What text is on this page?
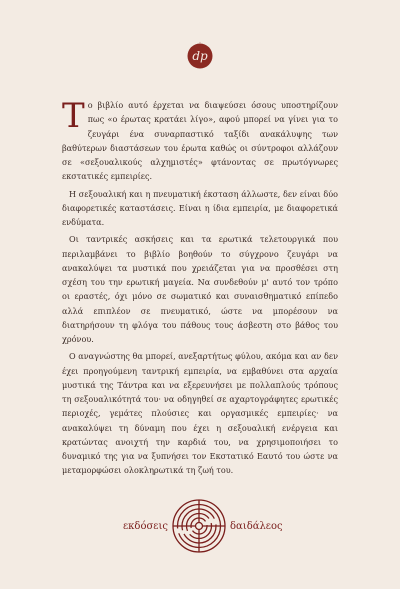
dp

Το βιβλίο αυτό έρχεται να διαψεύσει όσους υποστηρίζουν πως «ο έρωτας κρατάει λίγο», αφού μπορεί να γίνει για το ζευγάρι ένα συναρπαστικό ταξίδι ανακάλυψης των βαθύτερων διαστάσεων του έρωτα καθώς οι σύντροφοι αλλάζουν σε «σεξουαλικούς αλχημιστές» φτάνοντας σε πρωτόγνωρες εκστατικές εμπειρίες.

Η σεξουαλική και η πνευματική έκσταση άλλωστε, δεν είναι δύο διαφορετικές καταστάσεις. Είναι η ίδια εμπειρία, με διαφορετικά ενδύματα.

Οι ταντρικές ασκήσεις και τα ερωτικά τελετουργικά που περιλαμβάνει το βιβλίο βοηθούν το σύγχρονο ζευγάρι να ανακαλύψει τα μυστικά που χρειάζεται για να προσθέσει στη σχέση του την ερωτική μαγεία. Να συνδεθούν μ' αυτό τον τρόπο οι εραστές, όχι μόνο σε σωματικό και συναισθηματικό επίπεδο αλλά επιπλέον σε πνευματικό, ώστε να μπορέσουν να διατηρήσουν τη φλόγα του πάθους τους άσβεστη στο βάθος του χρόνου.

Ο αναγνώστης θα μπορεί, ανεξαρτήτως φύλου, ακόμα και αν δεν έχει προηγούμενη ταντρική εμπειρία, να εμβαθύνει στα αρχαία μυστικά της Τάντρα και να εξερευνήσει με πολλαπλούς τρόπους τη σεξουαλικότητά του· να οδηγηθεί σε αχαρτογράφητες ερωτικές περιοχές, γεμάτες πλούσιες και οργασμικές εμπειρίες· να ανακαλύψει τη δύναμη που έχει η σεξουαλική ενέργεια και κρατώντας ανοιχτή την καρδιά του, να χρησιμοποιήσει το δυναμικό της για να ξυπνήσει τον Εκστατικό Εαυτό του ώστε να μεταμορφώσει ολοκληρωτικά τη ζωή του.

εκδόσεις	δαιδάλεος
